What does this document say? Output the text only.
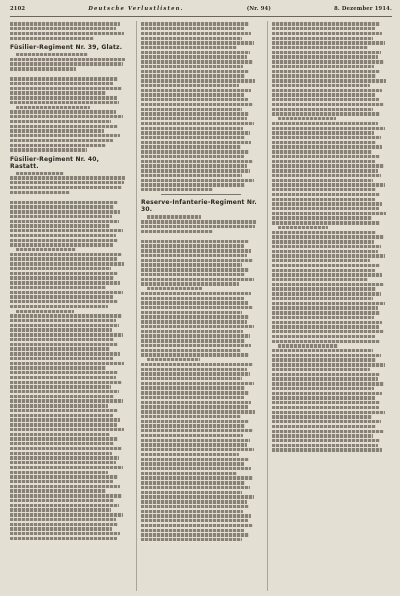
2102	Deutsche Verlustlisten.	(Nr. 94)	8. Dezember 1914.
Füsilier-Regiment Nr. 39, Glatz.
Füsilier-Regiment Nr. 40, Rastatt.
Reserve-Infanterie-Regiment Nr. 30.
